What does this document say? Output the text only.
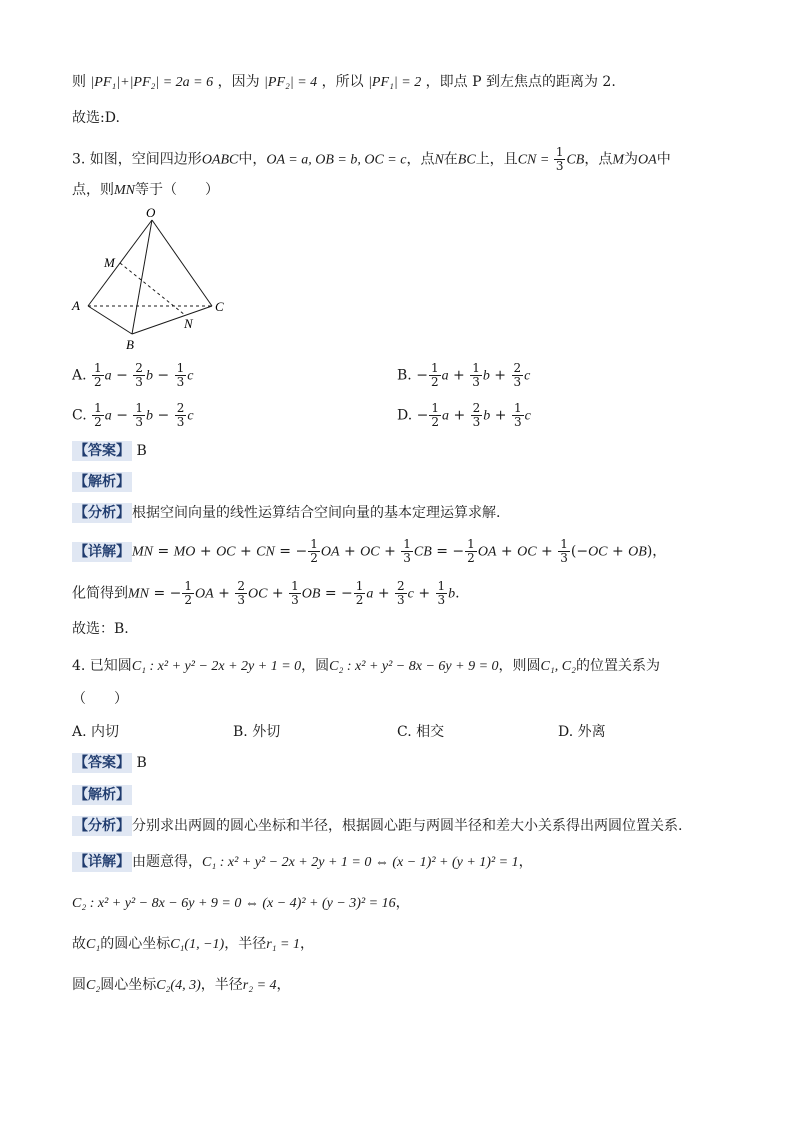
则 |PF₁|+|PF₂| = 2a = 6 ，因为 |PF₂| = 4 ，所以 |PF₁| = 2 ，即点 P 到左焦点的距离为 2.
故选:D.
3. 如图，空间四边形OABC中，OA = a, OB = b, OC = c，点N在BC上，且CN = $\frac{1}{3}$ CB，点M为OA中
点，则MN等于（　　）
O
M
A
B
C
N
A. $\frac{1}{2}$ $a - \frac{2}{3}$ $b - \frac{1}{3}$ c	B. − $\frac{1}{2}$ $a + \frac{1}{3}$ $b + \frac{2}{3}$ c
C. $\frac{1}{2}$ $a - \frac{1}{3}$ $b - \frac{2}{3}$ c	D. − $\frac{1}{2}$ $a + \frac{2}{3}$ $b + \frac{1}{3}$ c
【答案】 B
【解析】
【分析】 根据空间向量的线性运算结合空间向量的基本定理运算求解.
【详解】 MN = MO + OC + CN = − $\frac{1}{2}$ OA + OC + $\frac{1}{3}$ CB = − $\frac{1}{2}$ OA + OC + $\frac{1}{3} (-OC + OB)$，
化简得到MN = − $\frac{1}{2}$ OA + $\frac{2}{3}$ OC + $\frac{1}{3}$ OB = − $\frac{1}{2}$ $a + \frac{2}{3}$ $c + \frac{1}{3} b$.
故选：B.
4. 已知圆C₁ : x² + y² − 2x + 2y + 1 = 0，圆C₂ : x² + y² − 8x − 6y + 9 = 0，则圆C₁, C₂的位置关系为
（　　）
A. 内切	B. 外切	C. 相交	D. 外离
【答案】 B
【解析】
【分析】 分别求出两圆的圆心坐标和半径，根据圆心距与两圆半径和差大小关系得出两圆位置关系.
【详解】 由题意得，C₁ : x² + y² − 2x + 2y + 1 = 0 ⇔ (x − 1)² + (y + 1)² = 1，
C₂ : x² + y² − 8x − 6y + 9 = 0 ⇔ (x − 4)² + (y − 3)² = 16，
故C₁的圆心坐标C₁(1, −1)，半径r₁ = 1，
圆C₂圆心坐标C₂(4, 3)，半径r₂ = 4，
